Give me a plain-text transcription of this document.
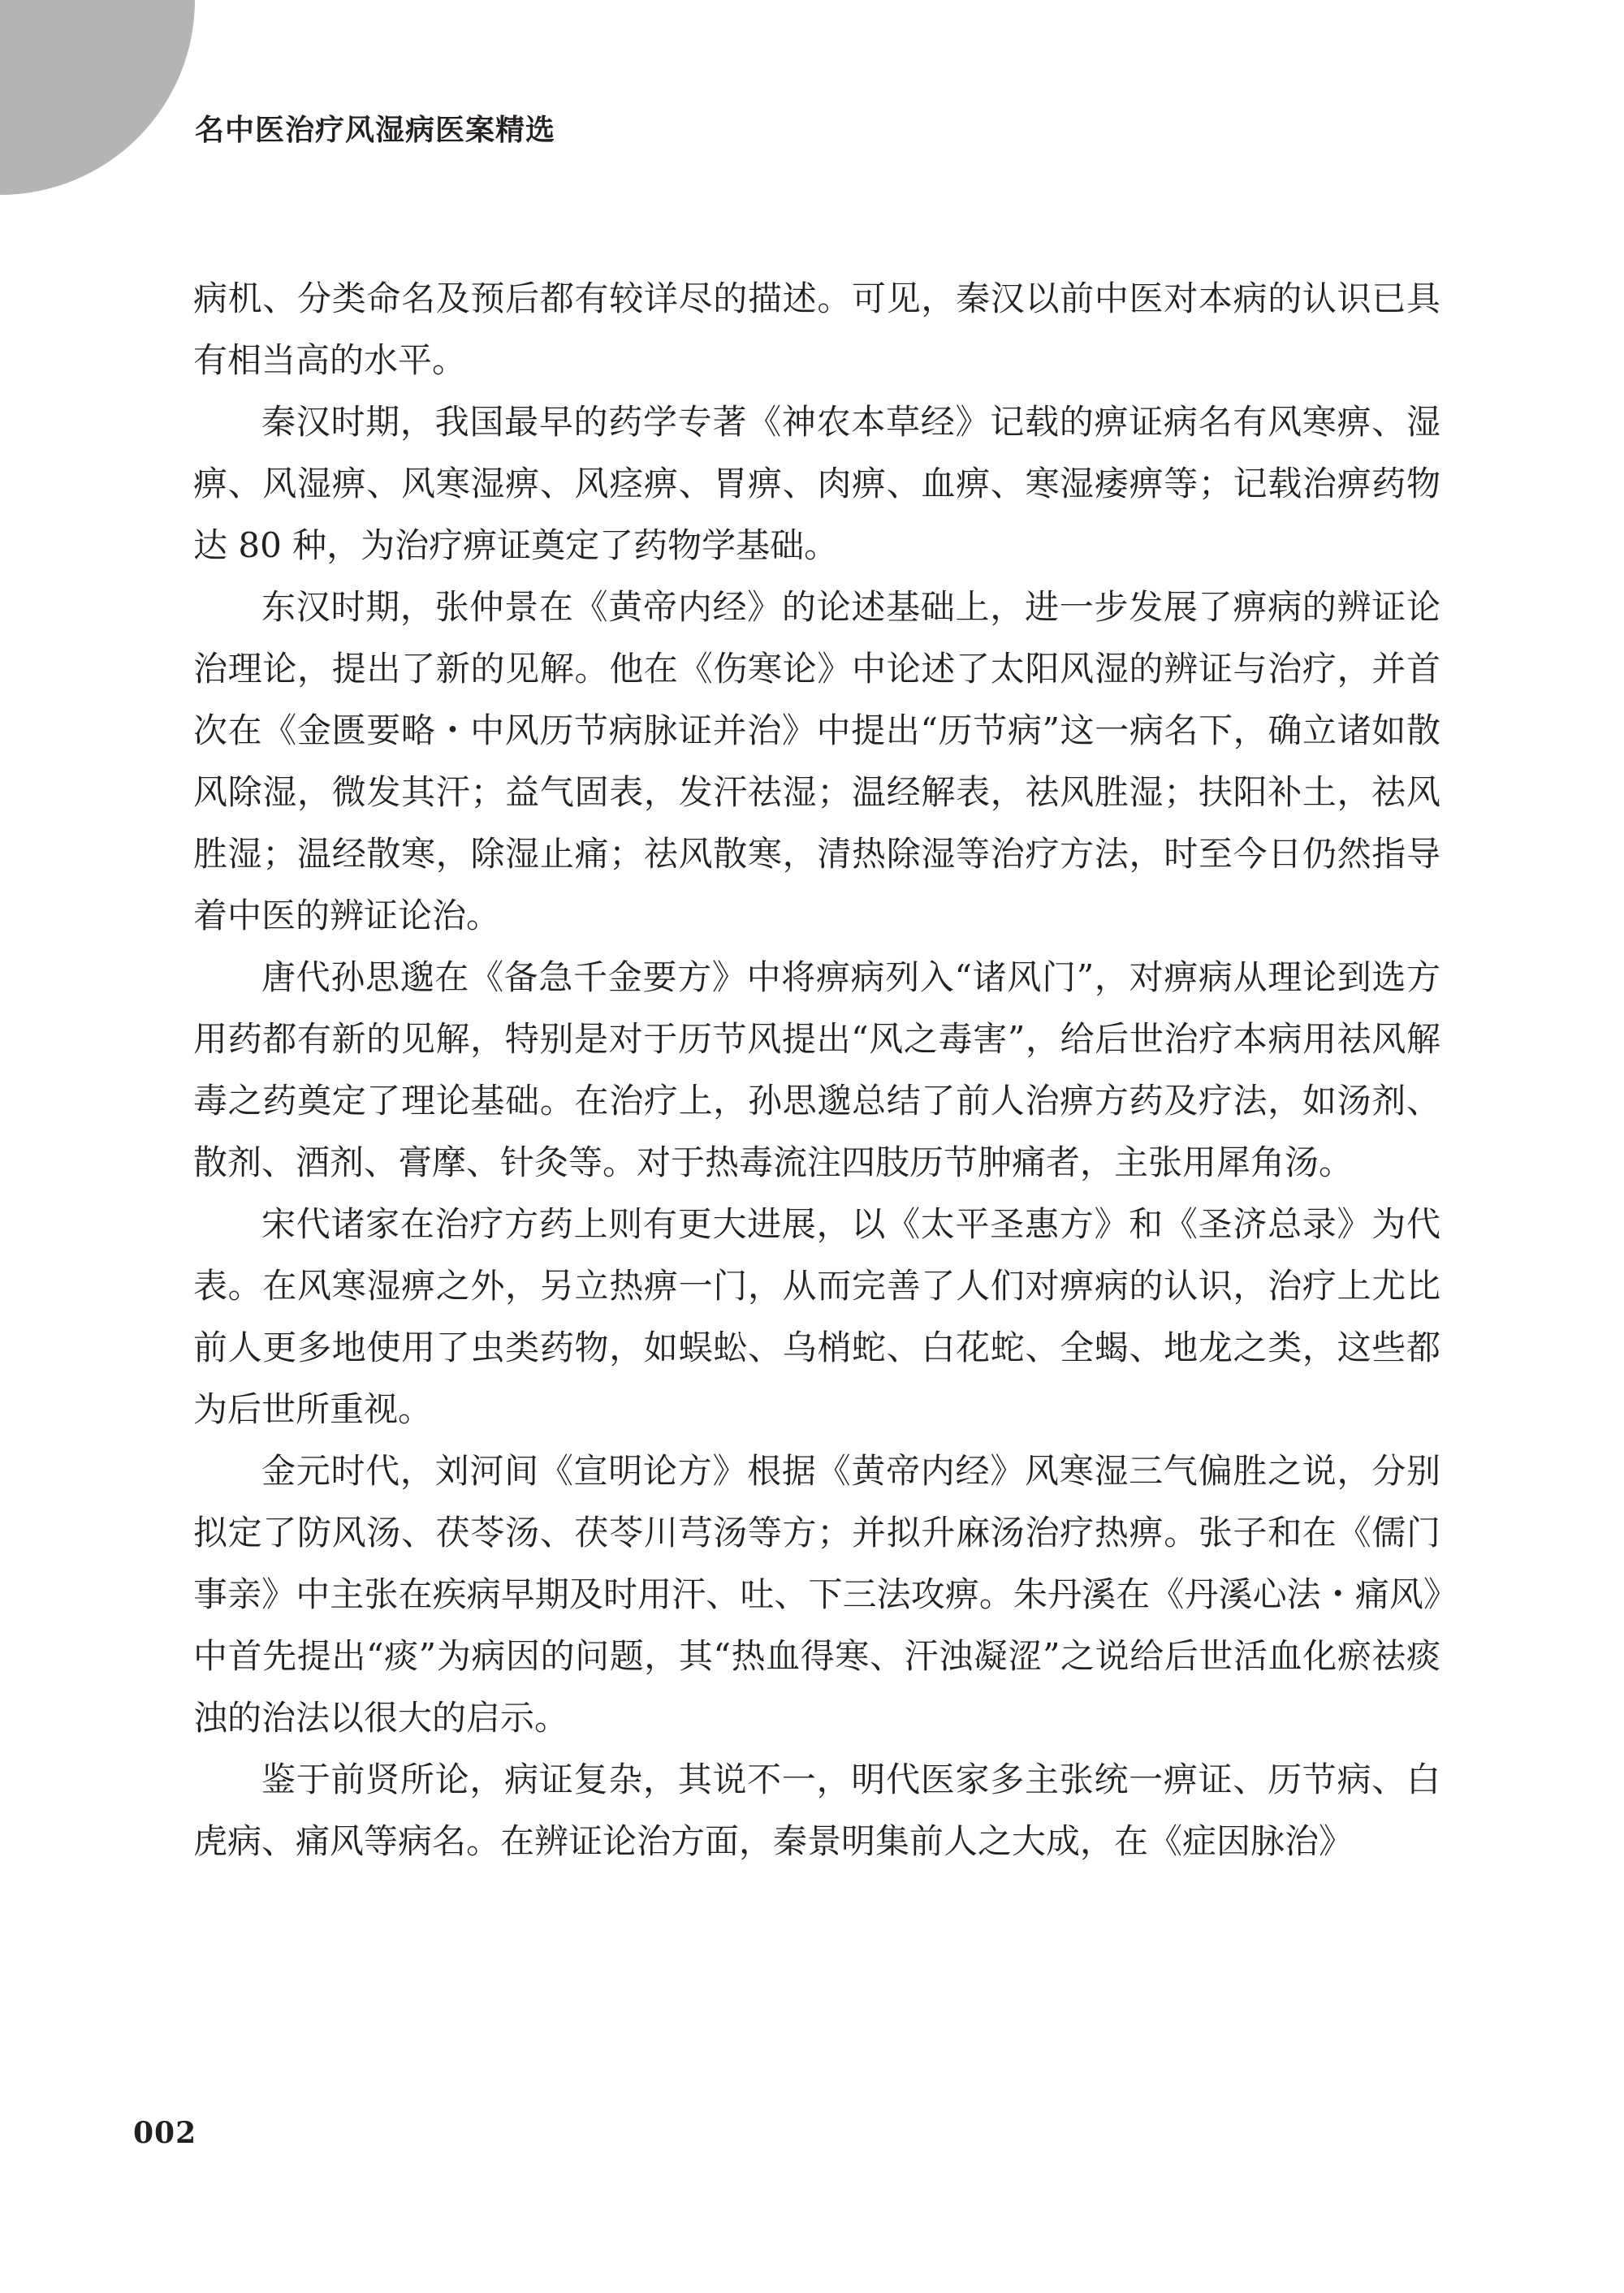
名中医治疗风湿病医案精选

病机、分类命名及预后都有较详尽的描述。可见，秦汉以前中医对本病的认识已具有相当高的水平。

秦汉时期，我国最早的药学专著《神农本草经》记载的痹证病名有风寒痹、湿痹、风湿痹、风寒湿痹、风痉痹、胃痹、肉痹、血痹、寒湿痿痹等；记载治痹药物达 80 种，为治疗痹证奠定了药物学基础。

东汉时期，张仲景在《黄帝内经》的论述基础上，进一步发展了痹病的辨证论治理论，提出了新的见解。他在《伤寒论》中论述了太阳风湿的辨证与治疗，并首次在《金匮要略・中风历节病脉证并治》中提出“历节病”这一病名下，确立诸如散风除湿，微发其汗；益气固表，发汗祛湿；温经解表，祛风胜湿；扶阳补土，祛风胜湿；温经散寒，除湿止痛；祛风散寒，清热除湿等治疗方法，时至今日仍然指导着中医的辨证论治。

唐代孙思邈在《备急千金要方》中将痹病列入“诸风门”，对痹病从理论到选方用药都有新的见解，特别是对于历节风提出“风之毒害”，给后世治疗本病用祛风解毒之药奠定了理论基础。在治疗上，孙思邈总结了前人治痹方药及疗法，如汤剂、散剂、酒剂、膏摩、针灸等。对于热毒流注四肢历节肿痛者，主张用犀角汤。

宋代诸家在治疗方药上则有更大进展，以《太平圣惠方》和《圣济总录》为代表。在风寒湿痹之外，另立热痹一门，从而完善了人们对痹病的认识，治疗上尤比前人更多地使用了虫类药物，如蜈蚣、乌梢蛇、白花蛇、全蝎、地龙之类，这些都为后世所重视。

金元时代，刘河间《宣明论方》根据《黄帝内经》风寒湿三气偏胜之说，分别拟定了防风汤、茯苓汤、茯苓川芎汤等方；并拟升麻汤治疗热痹。张子和在《儒门事亲》中主张在疾病早期及时用汗、吐、下三法攻痹。朱丹溪在《丹溪心法・痛风》中首先提出“痰”为病因的问题，其“热血得寒、汗浊凝涩”之说给后世活血化瘀祛痰浊的治法以很大的启示。

鉴于前贤所论，病证复杂，其说不一，明代医家多主张统一痹证、历节病、白虎病、痛风等病名。在辨证论治方面，秦景明集前人之大成，在《症因脉治》

002
